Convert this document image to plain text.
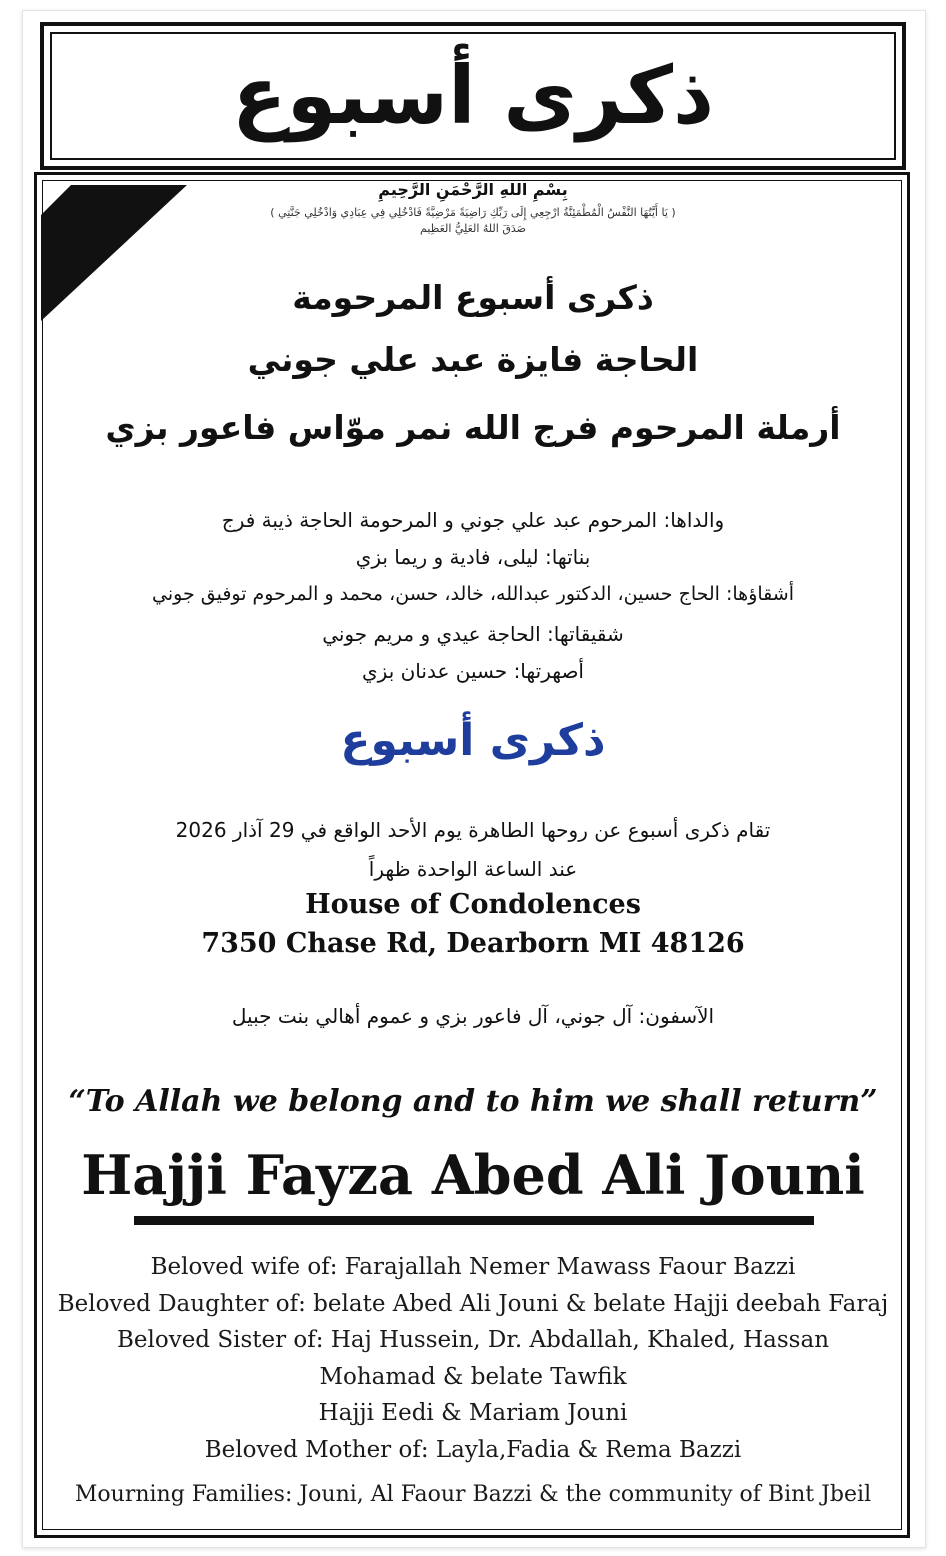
ذكرى أسبوع
بِسْمِ اللهِ الرَّحْمَنِ الرَّحِيمِ
( يَا أَيَّتُهَا النَّفْسُ الْمُطْمَئِنَّةُ ارْجِعِي إِلَى رَبِّكِ رَاضِيَةً مَرْضِيَّةً فَادْخُلِي فِي عِبَادِي وَادْخُلِي جَنَّتِي )
صَدَقَ اللهُ العَلِيُّ العَظِيم
ذكرى أسبوع المرحومة
الحاجة فايزة عبد علي جوني
أرملة المرحوم فرج الله نمر موّاس فاعور بزي
والداها: المرحوم عبد علي جوني و المرحومة الحاجة ذيبة فرج
بناتها: ليلى، فادية و ريما بزي
أشقاؤها: الحاج حسين، الدكتور عبدالله، خالد، حسن، محمد و المرحوم توفيق جوني
شقيقاتها: الحاجة عيدي و مريم جوني
أصهرتها: حسين عدنان بزي
ذكرى أسبوع
تقام ذكرى أسبوع عن روحها الطاهرة يوم الأحد الواقع في 29 آذار 2026
عند الساعة الواحدة ظهراً
House of Condolences
7350 Chase Rd, Dearborn MI 48126
الآسفون: آل جوني، آل فاعور بزي و عموم أهالي بنت جبيل
“To Allah we belong and to him we shall return”
Hajji Fayza Abed Ali Jouni
Beloved wife of: Farajallah Nemer Mawass Faour Bazzi
Beloved Daughter of: belate Abed Ali Jouni & belate Hajji deebah Faraj
Beloved Sister of: Haj Hussein, Dr. Abdallah, Khaled, Hassan
Mohamad & belate Tawfik
Hajji Eedi & Mariam Jouni
Beloved Mother of: Layla,Fadia & Rema Bazzi
Mourning Families: Jouni, Al Faour Bazzi & the community of Bint Jbeil
